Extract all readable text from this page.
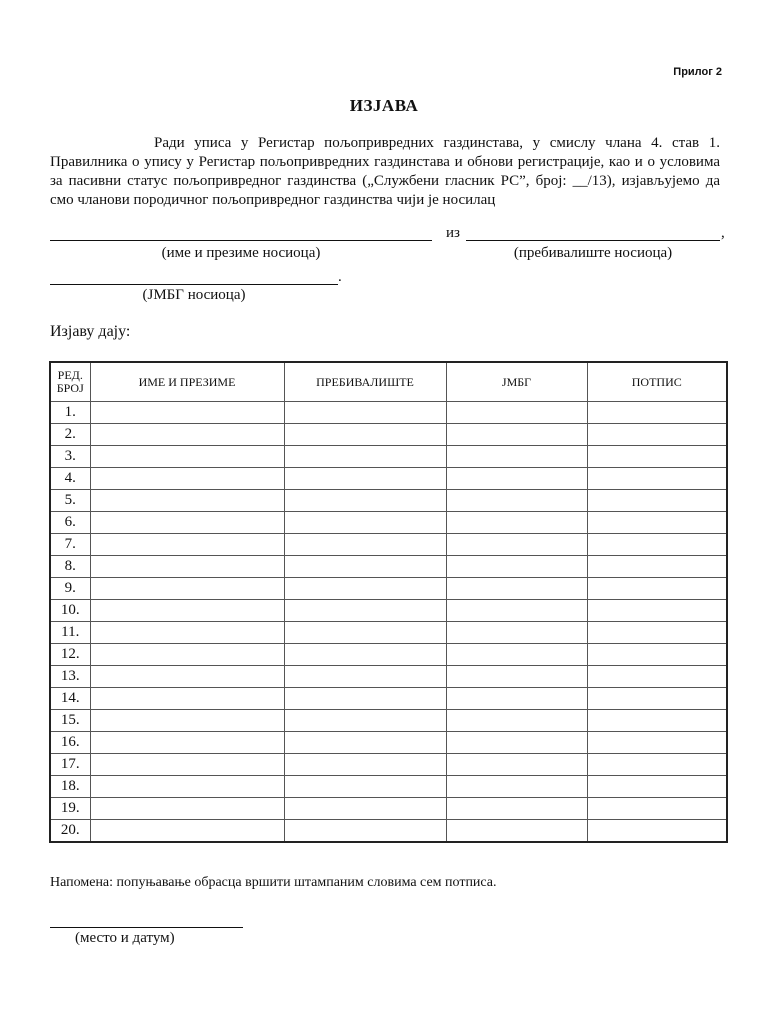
Прилог 2
ИЗЈАВА

Ради уписа у Регистар пољопривредних газдинстава, у смислу члана 4. став 1. Правилника о упису у Регистар пољопривредних газдинстава и обнови регистрације, као и о условима за пасивни статус пољопривредног газдинства („Службени гласник РС”, број: __/13), изјављујемо да смо чланови породичног пољопривредног газдинства чији је носилац

из	,
(име и презиме носиоца)	(пребивалиште носиоца)
.
(ЈМБГ носиоца)
Изјаву дају:
РЕД. БРОЈ	ИМЕ И ПРЕЗИМЕ	ПРЕБИВАЛИШТЕ	ЈМБГ	ПОТПИС
1.				
2.				
3.				
4.				
5.				
6.				
7.				
8.				
9.				
10.				
11.				
12.				
13.				
14.				
15.				
16.				
17.				
18.				
19.				
20.				
Напомена: попуњавање обрасца вршити штампаним словима сем потписа.
(место и датум)
